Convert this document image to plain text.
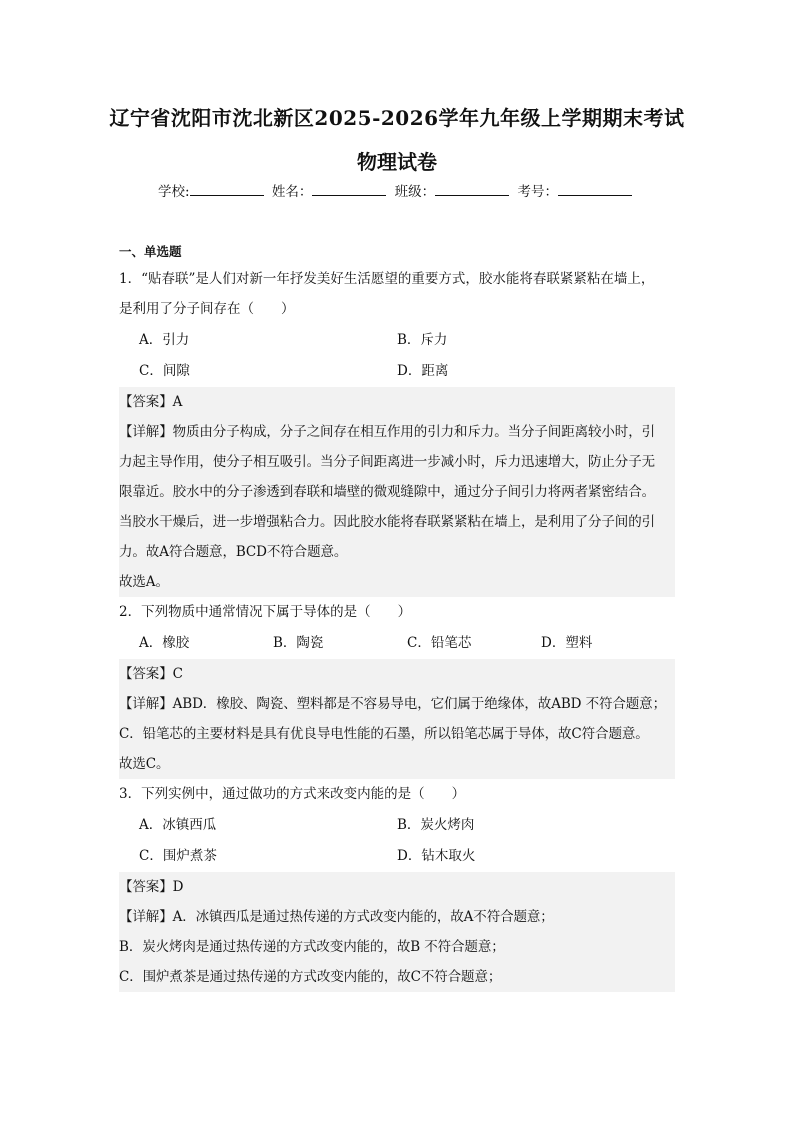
辽宁省沈阳市沈北新区2025-2026学年九年级上学期期末考试
物理试卷
学校:	姓名：	班级：	考号：
一、单选题
1．“贴春联”是人们对新一年抒发美好生活愿望的重要方式，胶水能将春联紧紧粘在墙上，
是利用了分子间存在（　　）
A．引力	B．斥力
C．间隙	D．距离
【答案】A
【详解】物质由分子构成，分子之间存在相互作用的引力和斥力。当分子间距离较小时，引
力起主导作用，使分子相互吸引。当分子间距离进一步减小时，斥力迅速增大，防止分子无
限靠近。胶水中的分子渗透到春联和墙壁的微观缝隙中，通过分子间引力将两者紧密结合。
当胶水干燥后，进一步增强粘合力。因此胶水能将春联紧紧粘在墙上，是利用了分子间的引
力。故A符合题意，BCD不符合题意。
故选A。
2．下列物质中通常情况下属于导体的是（　　）
A．橡胶	B．陶瓷	C．铅笔芯	D．塑料
【答案】C
【详解】ABD．橡胶、陶瓷、塑料都是不容易导电，它们属于绝缘体，故ABD 不符合题意；
C．铅笔芯的主要材料是具有优良导电性能的石墨，所以铅笔芯属于导体，故C符合题意。
故选C。
3．下列实例中，通过做功的方式来改变内能的是（　　）
A．冰镇西瓜	B．炭火烤肉
C．围炉煮茶	D．钻木取火
【答案】D
【详解】A．冰镇西瓜是通过热传递的方式改变内能的，故A不符合题意；
B．炭火烤肉是通过热传递的方式改变内能的，故B 不符合题意；
C．围炉煮茶是通过热传递的方式改变内能的，故C不符合题意；
